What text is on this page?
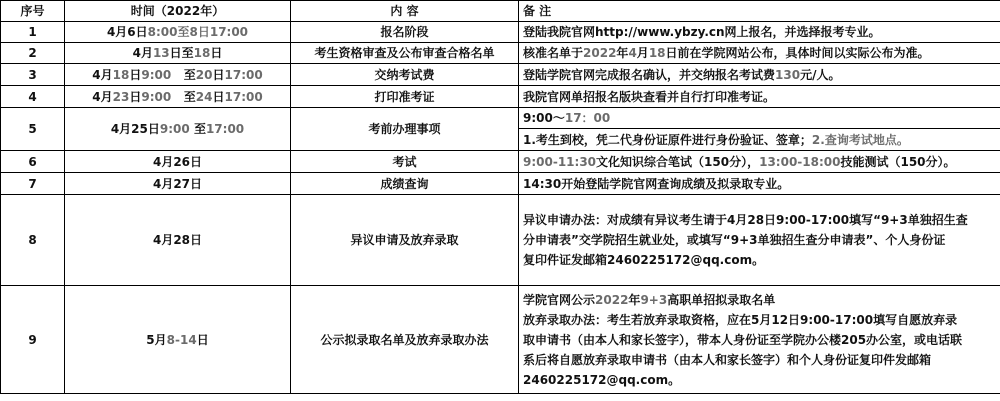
序号	时间（2022年）	内 容	备 注
1	4月6日8:00至8日17:00	报名阶段	登陆我院官网http://www.ybzy.cn网上报名，并选择报考专业。
2	4月13日至18日	考生资格审查及公布审查合格名单	核准名单于2022年4月18日前在学院网站公布，具体时间以实际公布为准。
3	4月18日9:00 至20日17:00	交纳考试费	登陆学院官网完成报名确认，并交纳报名考试费130元/人。
4	4月23日9:00 至24日17:00	打印准考证	我院官网单招报名版块查看并自行打印准考证。
5	4月25日9:00 至17:00	考前办理事项	9:00～17：00
			1.考生到校，凭二代身份证原件进行身份验证、签章；2.查询考试地点。
6	4月26日	考试	9:00-11:30文化知识综合笔试（150分），13:00-18:00技能测试（150分）。
7	4月27日	成绩查询	14:30开始登陆学院官网查询成绩及拟录取专业。
8	4月28日	异议申请及放弃录取	异议申请办法：对成绩有异议考生请于4月28日9:00-17:00填写“9+3单独招生查
分申请表”交学院招生就业处，或填写“9+3单独招生查分申请表”、个人身份证
复印件证发邮箱2460225172@qq.com。

9	5月8-14日	公示拟录取名单及放弃录取办法	学院官网公示2022年9+3高职单招拟录取名单
放弃录取办法：考生若放弃录取资格，应在5月12日9:00-17:00填写自愿放弃录
取申请书（由本人和家长签字），带本人身份证至学院办公楼205办公室，或电话联
系后将自愿放弃录取申请书（由本人和家长签字）和个人身份证复印件发邮箱
2460225172@qq.com。
